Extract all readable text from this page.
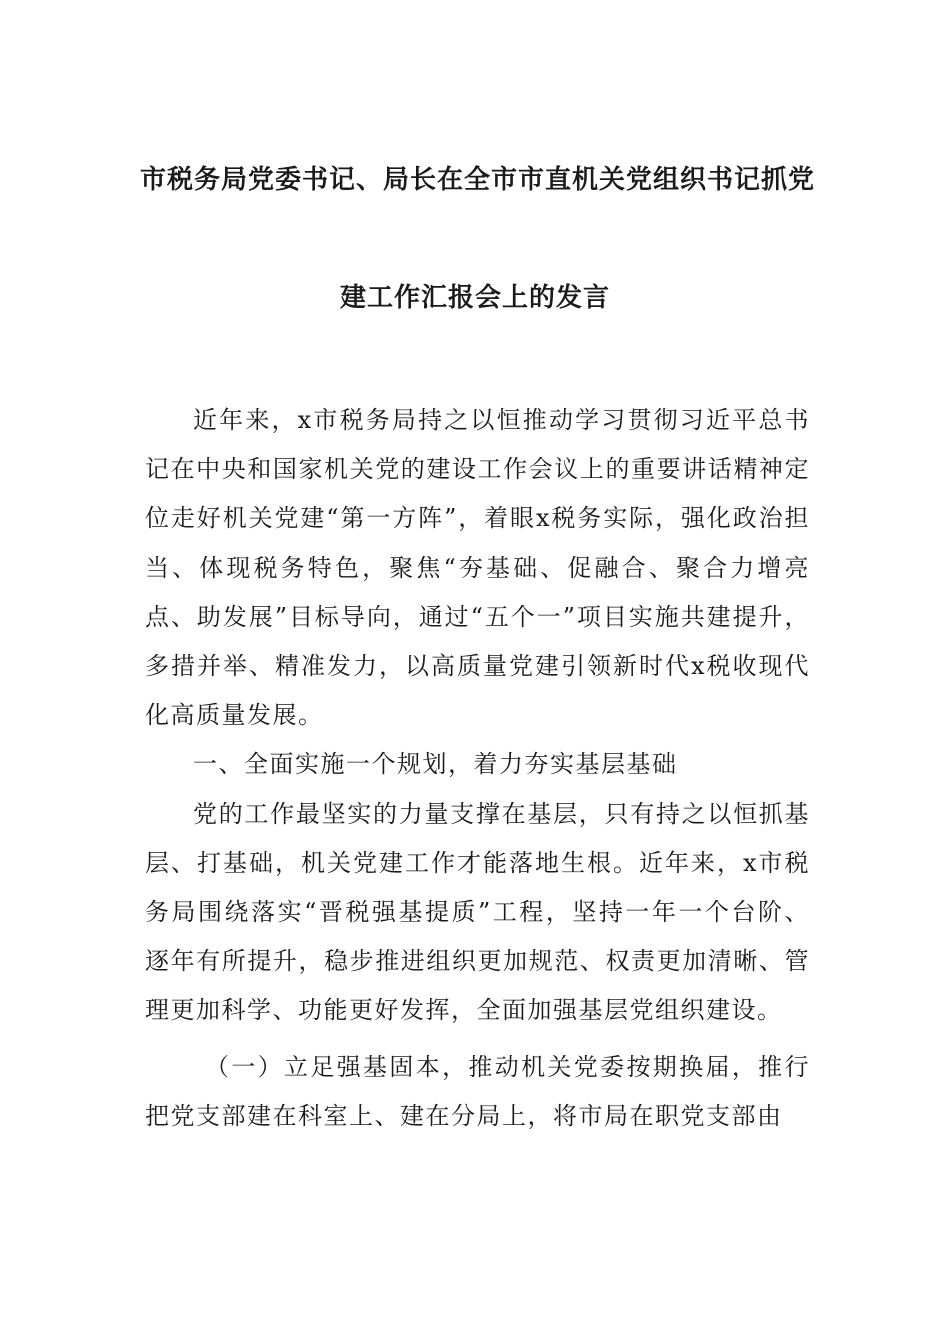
市税务局党委书记、局长在全市市直机关党组织书记抓党
建工作汇报会上的发言

近年来，x市税务局持之以恒推动学习贯彻习近平总书记在中央和国家机关党的建设工作会议上的重要讲话精神定位走好机关党建“第一方阵”，着眼x税务实际，强化政治担当、体现税务特色，聚焦“夯基础、促融合、聚合力增亮点、助发展”目标导向，通过“五个一”项目实施共建提升，多措并举、精准发力，以高质量党建引领新时代x税收现代化高质量发展。

一、全面实施一个规划，着力夯实基层基础

党的工作最坚实的力量支撑在基层，只有持之以恒抓基层、打基础，机关党建工作才能落地生根。近年来，x市税务局围绕落实“晋税强基提质”工程，坚持一年一个台阶、逐年有所提升，稳步推进组织更加规范、权责更加清晰、管理更加科学、功能更好发挥，全面加强基层党组织建设。

（一）立足强基固本，推动机关党委按期换届，推行把党支部建在科室上、建在分局上，将市局在职党支部由
